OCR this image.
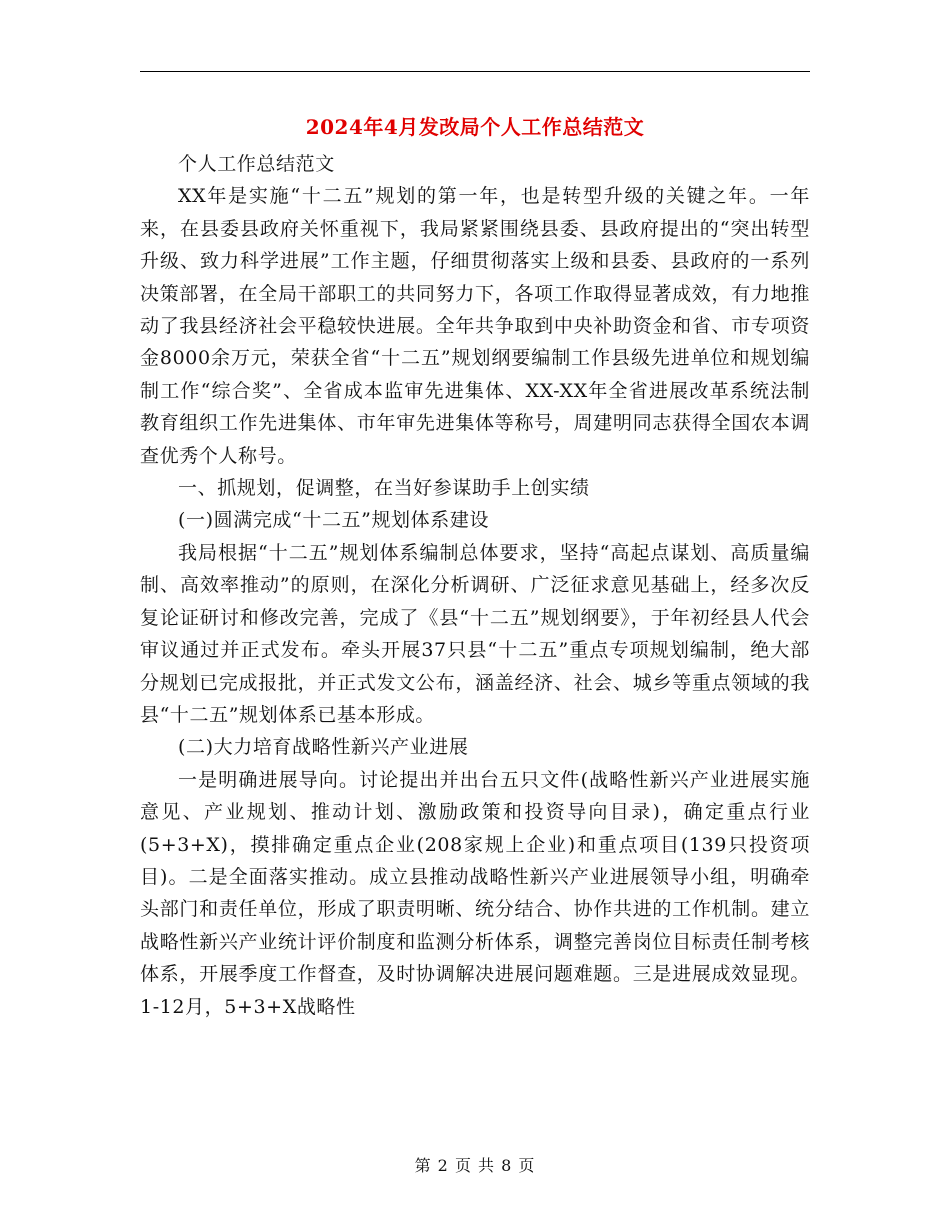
2024年4月发改局个人工作总结范文

个人工作总结范文

XX年是实施“十二五”规划的第一年，也是转型升级的关键之年。一年来，在县委县政府关怀重视下，我局紧紧围绕县委、县政府提出的“突出转型升级、致力科学进展”工作主题，仔细贯彻落实上级和县委、县政府的一系列决策部署，在全局干部职工的共同努力下，各项工作取得显著成效，有力地推动了我县经济社会平稳较快进展。全年共争取到中央补助资金和省、市专项资金8000余万元，荣获全省“十二五”规划纲要编制工作县级先进单位和规划编制工作“综合奖”、全省成本监审先进集体、XX-XX年全省进展改革系统法制教育组织工作先进集体、市年审先进集体等称号，周建明同志获得全国农本调查优秀个人称号。

一、抓规划，促调整，在当好参谋助手上创实绩

(一)圆满完成“十二五”规划体系建设

我局根据“十二五”规划体系编制总体要求，坚持“高起点谋划、高质量编制、高效率推动”的原则，在深化分析调研、广泛征求意见基础上，经多次反复论证研讨和修改完善，完成了《县“十二五”规划纲要》，于年初经县人代会审议通过并正式发布。牵头开展37只县“十二五”重点专项规划编制，绝大部分规划已完成报批，并正式发文公布，涵盖经济、社会、城乡等重点领域的我县“十二五”规划体系已基本形成。

(二)大力培育战略性新兴产业进展

一是明确进展导向。讨论提出并出台五只文件(战略性新兴产业进展实施意见、产业规划、推动计划、激励政策和投资导向目录)，确定重点行业(5+3+X)，摸排确定重点企业(208家规上企业)和重点项目(139只投资项目)。二是全面落实推动。成立县推动战略性新兴产业进展领导小组，明确牵头部门和责任单位，形成了职责明晰、统分结合、协作共进的工作机制。建立战略性新兴产业统计评价制度和监测分析体系，调整完善岗位目标责任制考核体系，开展季度工作督查，及时协调解决进展问题难题。三是进展成效显现。1-12月，5+3+X战略性

第 2 页 共 8 页
